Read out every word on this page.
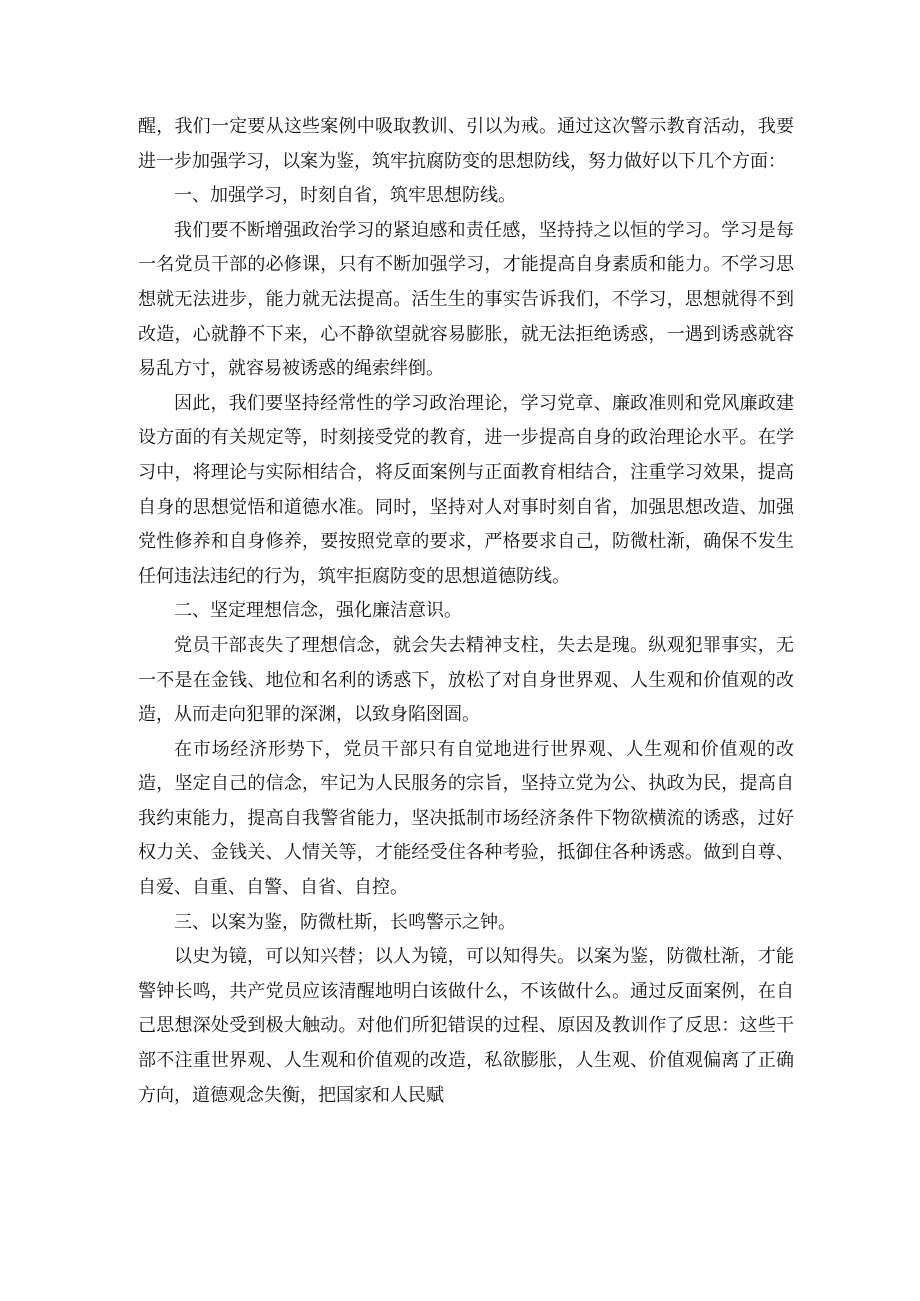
醒，我们一定要从这些案例中吸取教训、引以为戒。通过这次警示教育活动，我要进一步加强学习，以案为鉴，筑牢抗腐防变的思想防线，努力做好以下几个方面：

一、加强学习，时刻自省，筑牢思想防线。

我们要不断增强政治学习的紧迫感和责任感，坚持持之以恒的学习。学习是每一名党员干部的必修课，只有不断加强学习，才能提高自身素质和能力。不学习思想就无法进步，能力就无法提高。活生生的事实告诉我们，不学习，思想就得不到改造，心就静不下来，心不静欲望就容易膨胀，就无法拒绝诱惑，一遇到诱惑就容易乱方寸，就容易被诱惑的绳索绊倒。

因此，我们要坚持经常性的学习政治理论，学习党章、廉政准则和党风廉政建设方面的有关规定等，时刻接受党的教育，进一步提高自身的政治理论水平。在学习中，将理论与实际相结合，将反面案例与正面教育相结合，注重学习效果，提高自身的思想觉悟和道德水准。同时，坚持对人对事时刻自省，加强思想改造、加强党性修养和自身修养，要按照党章的要求，严格要求自己，防微杜渐，确保不发生任何违法违纪的行为，筑牢拒腐防变的思想道德防线。

二、坚定理想信念，强化廉洁意识。

党员干部丧失了理想信念，就会失去精神支柱，失去是瑰。纵观犯罪事实，无一不是在金钱、地位和名利的诱惑下，放松了对自身世界观、人生观和价值观的改造，从而走向犯罪的深渊，以致身陷囹圄。

在市场经济形势下，党员干部只有自觉地进行世界观、人生观和价值观的改造，坚定自己的信念，牢记为人民服务的宗旨，坚持立党为公、执政为民，提高自我约束能力，提高自我警省能力，坚决抵制市场经济条件下物欲横流的诱惑，过好权力关、金钱关、人情关等，才能经受住各种考验，抵御住各种诱惑。做到自尊、自爱、自重、自警、自省、自控。

三、以案为鉴，防微杜斯，长鸣警示之钟。

以史为镜，可以知兴替；以人为镜，可以知得失。以案为鉴，防微杜渐，才能警钟长鸣，共产党员应该清醒地明白该做什么，不该做什么。通过反面案例，在自己思想深处受到极大触动。对他们所犯错误的过程、原因及教训作了反思：这些干部不注重世界观、人生观和价值观的改造，私欲膨胀，人生观、价值观偏离了正确方向，道德观念失衡，把国家和人民赋
